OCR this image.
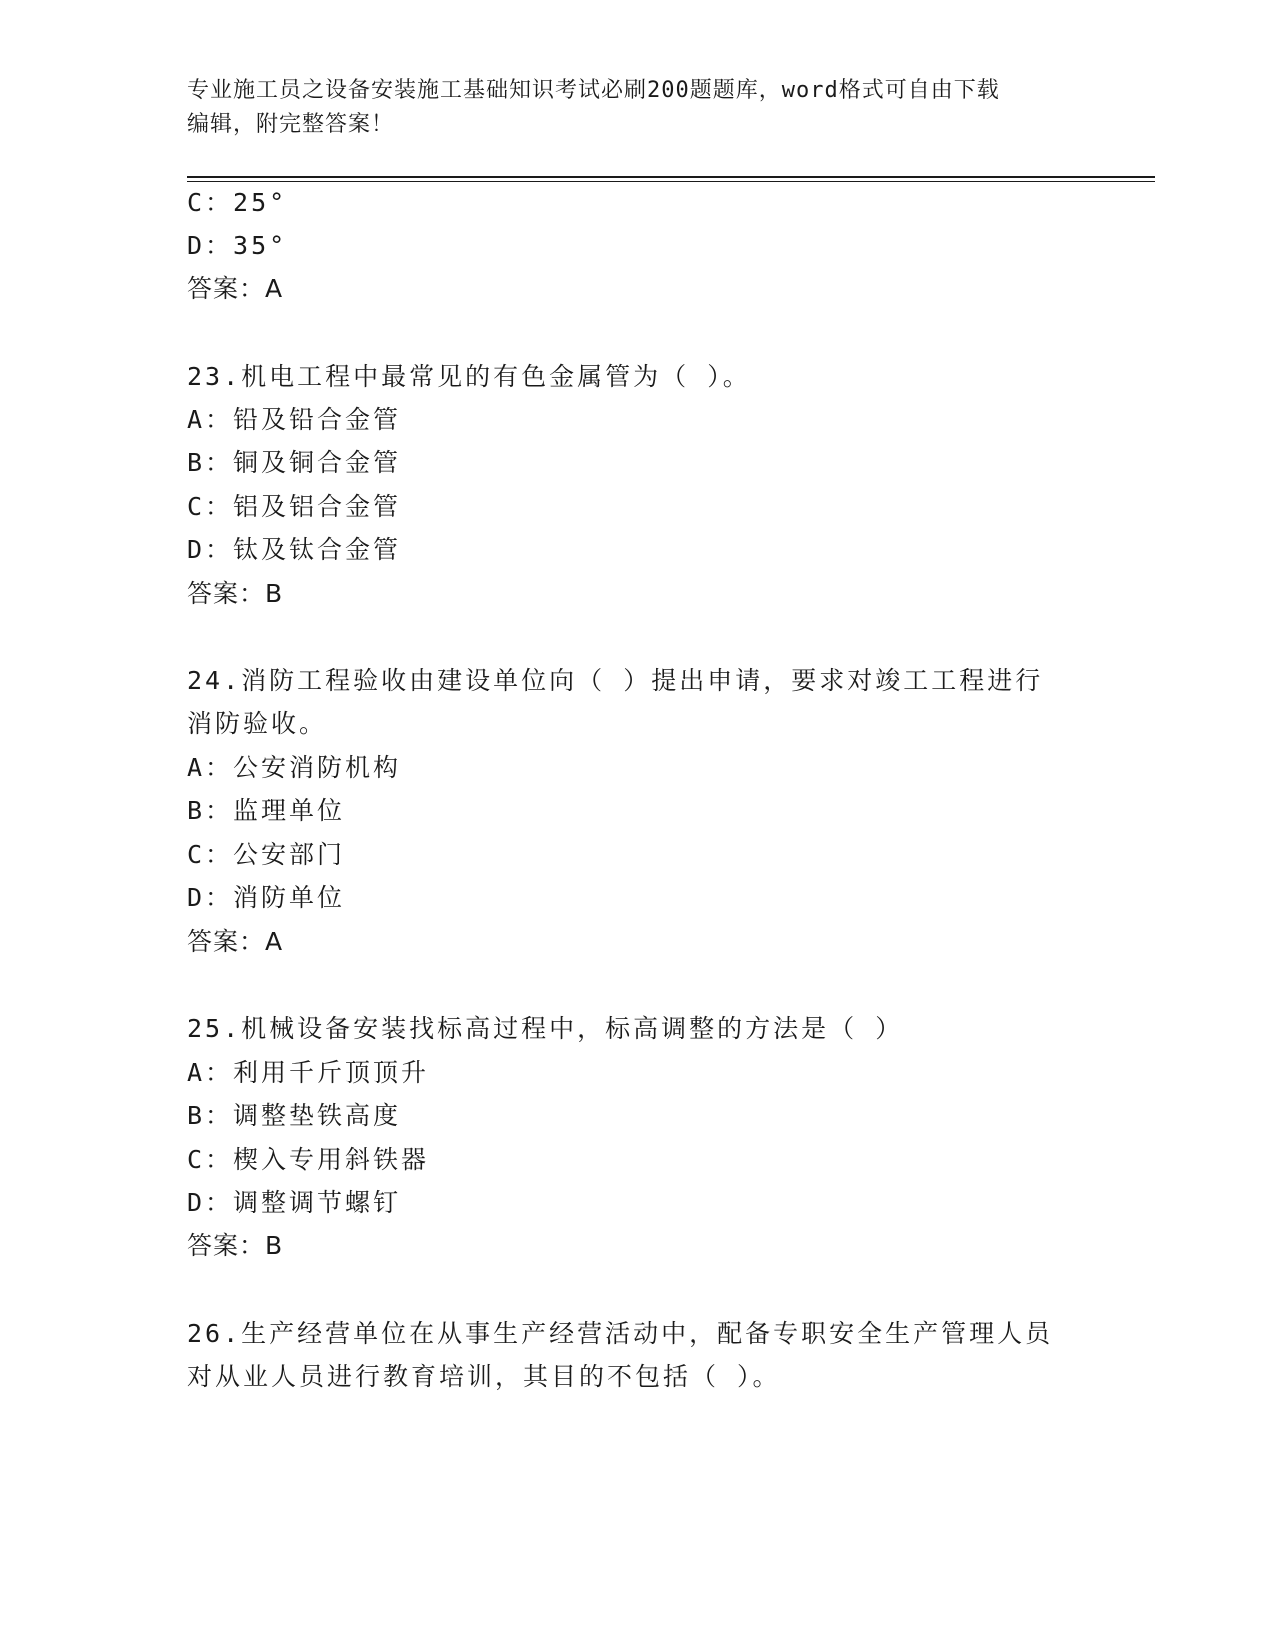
专业施工员之设备安装施工基础知识考试必刷200题题库，word格式可自由下载
编辑，附完整答案！
C：25°
D：35°
答案：A
23.机电工程中最常见的有色金属管为（ ）。
A：铅及铅合金管
B：铜及铜合金管
C：铝及铝合金管
D：钛及钛合金管
答案：B
24.消防工程验收由建设单位向（ ）提出申请，要求对竣工工程进行
消防验收。
A：公安消防机构
B：监理单位
C：公安部门
D：消防单位
答案：A
25.机械设备安装找标高过程中，标高调整的方法是（ ）
A：利用千斤顶顶升
B：调整垫铁高度
C：楔入专用斜铁器
D：调整调节螺钉
答案：B
26.生产经营单位在从事生产经营活动中，配备专职安全生产管理人员
对从业人员进行教育培训，其目的不包括（ ）。
